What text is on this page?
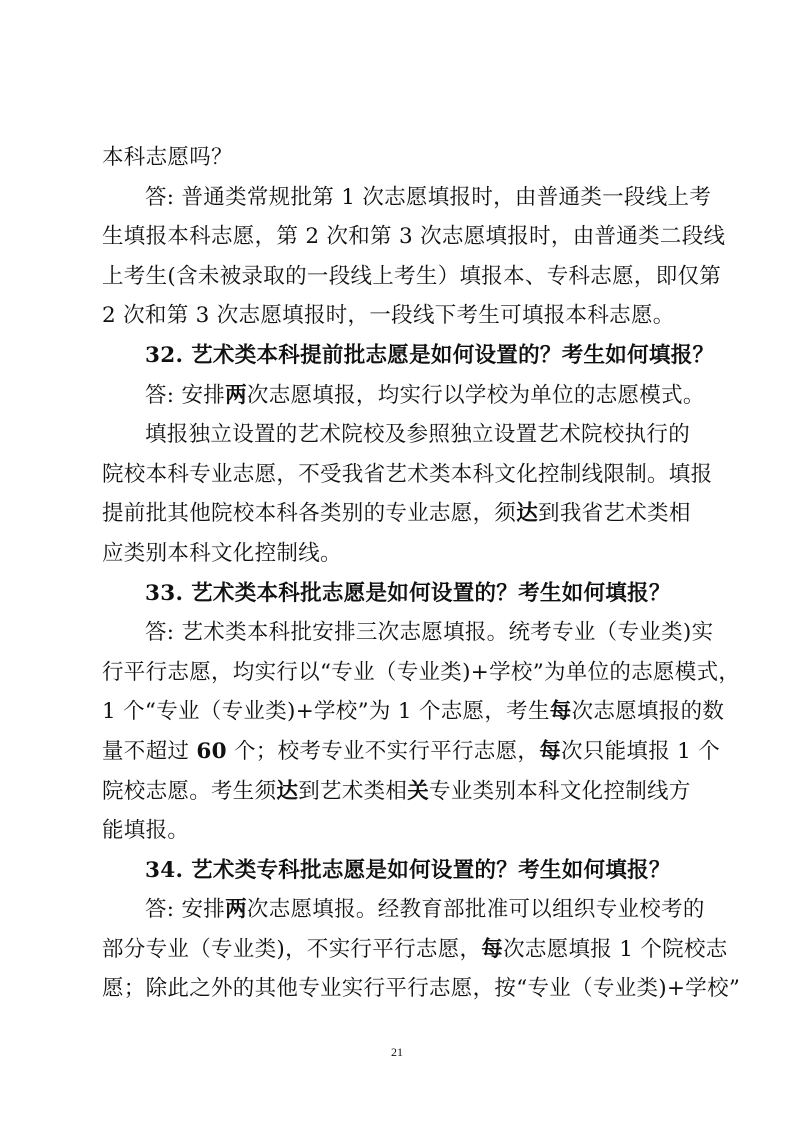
本科志愿吗？
答: 普通类常规批第 1 次志愿填报时，由普通类一段线上考
生填报本科志愿，第 2 次和第 3 次志愿填报时，由普通类二段线
上考生(含未被录取的一段线上考生）填报本、专科志愿，即仅第
2 次和第 3 次志愿填报时，一段线下考生可填报本科志愿。
32. 艺术类本科提前批志愿是如何设置的？考生如何填报？
答: 安排两次志愿填报，均实行以学校为单位的志愿模式。
填报独立设置的艺术院校及参照独立设置艺术院校执行的
院校本科专业志愿，不受我省艺术类本科文化控制线限制。填报
提前批其他院校本科各类别的专业志愿，须达到我省艺术类相
应类别本科文化控制线。
33. 艺术类本科批志愿是如何设置的？考生如何填报？
答: 艺术类本科批安排三次志愿填报。统考专业（专业类)实
行平行志愿，均实行以“专业（专业类)+学校”为单位的志愿模式，
1 个“专业（专业类)+学校”为 1 个志愿，考生每次志愿填报的数
量不超过 60 个；校考专业不实行平行志愿，每次只能填报 1 个
院校志愿。考生须达到艺术类相关专业类别本科文化控制线方
能填报。
34. 艺术类专科批志愿是如何设置的？考生如何填报？
答: 安排两次志愿填报。经教育部批准可以组织专业校考的
部分专业（专业类)，不实行平行志愿，每次志愿填报 1 个院校志
愿；除此之外的其他专业实行平行志愿，按“专业（专业类)+学校”
21
